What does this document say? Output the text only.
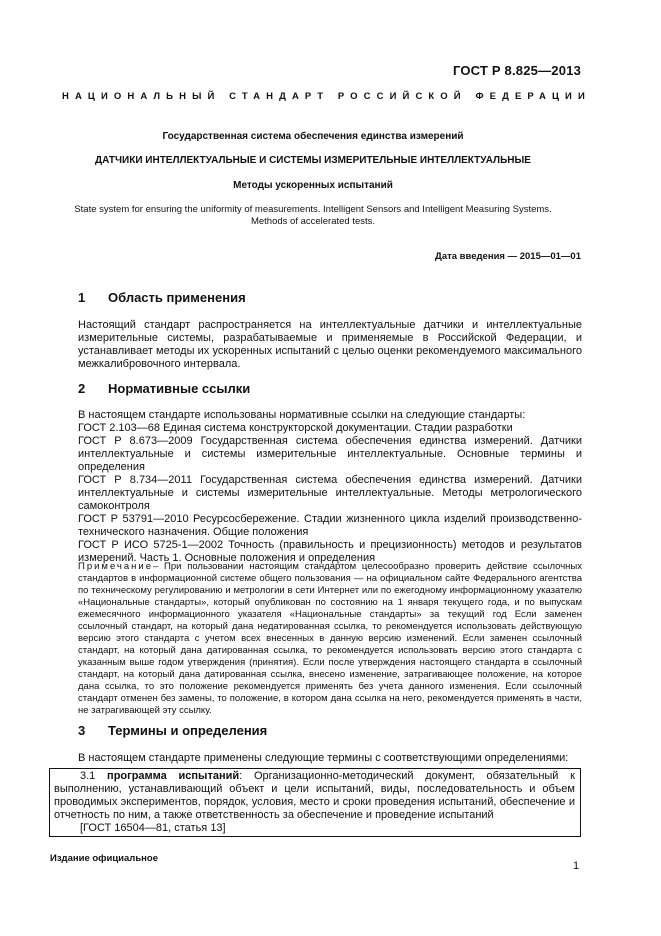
ГОСТ Р 8.825—2013
НАЦИОНАЛЬНЫЙ СТАНДАРТ РОССИЙСКОЙ ФЕДЕРАЦИИ
Государственная система обеспечения единства измерений
ДАТЧИКИ ИНТЕЛЛЕКТУАЛЬНЫЕ И СИСТЕМЫ ИЗМЕРИТЕЛЬНЫЕ ИНТЕЛЛЕКТУАЛЬНЫЕ
Методы ускоренных испытаний
State system for ensuring the uniformity of measurements. Intelligent Sensors and Intelligent Measuring Systems.
Methods of accelerated tests.
Дата введения — 2015—01—01
1 Область применения

Настоящий стандарт распространяется на интеллектуальные датчики и интеллектуальные измерительные системы, разрабатываемые и применяемые в Российской Федерации, и устанавливает методы их ускоренных испытаний с целью оценки рекомендуемого максимального межкалибровочного интервала.

2 Нормативные ссылки

В настоящем стандарте использованы нормативные ссылки на следующие стандарты:

ГОСТ 2.103—68 Единая система конструкторской документации. Стадии разработки

ГОСТ Р 8.673—2009 Государственная система обеспечения единства измерений. Датчики интеллектуальные и системы измерительные интеллектуальные. Основные термины и определения

ГОСТ Р 8.734—2011 Государственная система обеспечения единства измерений. Датчики интеллектуальные и системы измерительные интеллектуальные. Методы метрологического самоконтроля

ГОСТ Р 53791—2010 Ресурсосбережение. Стадии жизненного цикла изделий производственно-технического назначения. Общие положения

ГОСТ Р ИСО 5725-1—2002 Точность (правильность и прецизионность) методов и результатов измерений. Часть 1. Основные положения и определения

Примечание– При пользовании настоящим стандартом целесообразно проверить действие ссылочных стандартов в информационной системе общего пользования — на официальном сайте Федерального агентства по техническому регулированию и метрологии в сети Интернет или по ежегодному информационному указателю «Национальные стандарты», который опубликован по состоянию на 1 января текущего года, и по выпускам ежемесячного информационного указателя «Национальные стандарты» за текущий год Если заменен ссылочный стандарт, на который дана недатированная ссылка, то рекомендуется использовать действующую версию этого стандарта с учетом всех внесенных в данную версию изменений. Если заменен ссылочный стандарт, на который дана датированная ссылка, то рекомендуется использовать версию этого стандарта с указанным выше годом утверждения (принятия). Если после утверждения настоящего стандарта в ссылочный стандарт, на который дана датированная ссылка, внесено изменение, затрагивающее положение, на которое дана ссылка, то это положение рекомендуется применять без учета данного изменения. Если ссылочный стандарт отменен без замены, то положение, в котором дана ссылка на него, рекомендуется применять в части, не затрагивающей эту ссылку.
3 Термины и определения
В настоящем стандарте применены следующие термины с соответствующими определениями:

3.1 программа испытаний: Организационно-методический документ, обязательный к выполнению, устанавливающий объект и цели испытаний, виды, последовательность и объем проводимых экспериментов, порядок, условия, место и сроки проведения испытаний, обеспечение и отчетность по ним, а также ответственность за обеспечение и проведение испытаний

[ГОСТ 16504—81, статья 13]

Издание официальное
1
